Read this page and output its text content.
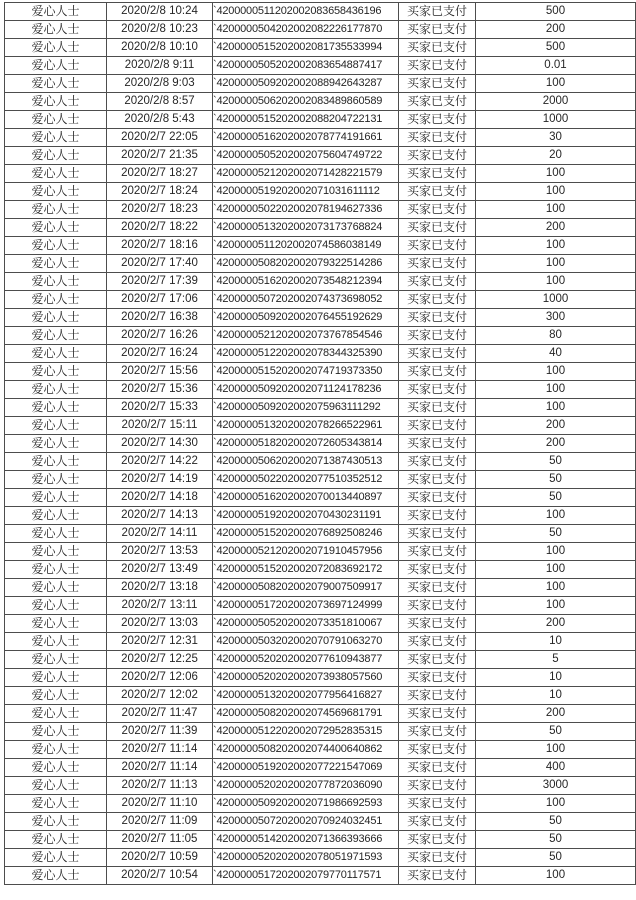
爱心人士	2020/2/8 10:24	`4200000511202002083658436196	买家已支付	500
爱心人士	2020/2/8 10:23	`4200000504202002082226177870	买家已支付	200
爱心人士	2020/2/8 10:10	`4200000515202002081735533994	买家已支付	500
爱心人士	2020/2/8 9:11	`4200000505202002083654887417	买家已支付	0.01
爱心人士	2020/2/8 9:03	`4200000509202002088942643287	买家已支付	100
爱心人士	2020/2/8 8:57	`4200000506202002083489860589	买家已支付	2000
爱心人士	2020/2/8 5:43	`4200000515202002088204722131	买家已支付	1000
爱心人士	2020/2/7 22:05	`4200000516202002078774191661	买家已支付	30
爱心人士	2020/2/7 21:35	`4200000505202002075604749722	买家已支付	20
爱心人士	2020/2/7 18:27	`4200000521202002071428221579	买家已支付	100
爱心人士	2020/2/7 18:24	`4200000519202002071031611112	买家已支付	100
爱心人士	2020/2/7 18:23	`4200000502202002078194627336	买家已支付	100
爱心人士	2020/2/7 18:22	`4200000513202002073173768824	买家已支付	200
爱心人士	2020/2/7 18:16	`4200000511202002074586038149	买家已支付	100
爱心人士	2020/2/7 17:40	`4200000508202002079322514286	买家已支付	100
爱心人士	2020/2/7 17:39	`4200000516202002073548212394	买家已支付	100
爱心人士	2020/2/7 17:06	`4200000507202002074373698052	买家已支付	1000
爱心人士	2020/2/7 16:38	`4200000509202002076455192629	买家已支付	300
爱心人士	2020/2/7 16:26	`4200000521202002073767854546	买家已支付	80
爱心人士	2020/2/7 16:24	`4200000512202002078344325390	买家已支付	40
爱心人士	2020/2/7 15:56	`4200000515202002074719373350	买家已支付	100
爱心人士	2020/2/7 15:36	`4200000509202002071124178236	买家已支付	100
爱心人士	2020/2/7 15:33	`4200000509202002075963111292	买家已支付	100
爱心人士	2020/2/7 15:11	`4200000513202002078266522961	买家已支付	200
爱心人士	2020/2/7 14:30	`4200000518202002072605343814	买家已支付	200
爱心人士	2020/2/7 14:22	`4200000506202002071387430513	买家已支付	50
爱心人士	2020/2/7 14:19	`4200000502202002077510352512	买家已支付	50
爱心人士	2020/2/7 14:18	`4200000516202002070013440897	买家已支付	50
爱心人士	2020/2/7 14:13	`4200000519202002070430231191	买家已支付	100
爱心人士	2020/2/7 14:11	`4200000515202002076892508246	买家已支付	50
爱心人士	2020/2/7 13:53	`4200000521202002071910457956	买家已支付	100
爱心人士	2020/2/7 13:49	`4200000515202002072083692172	买家已支付	100
爱心人士	2020/2/7 13:18	`4200000508202002079007509917	买家已支付	100
爱心人士	2020/2/7 13:11	`4200000517202002073697124999	买家已支付	100
爱心人士	2020/2/7 13:03	`4200000505202002073351810067	买家已支付	200
爱心人士	2020/2/7 12:31	`4200000503202002070791063270	买家已支付	10
爱心人士	2020/2/7 12:25	`4200000520202002077610943877	买家已支付	5
爱心人士	2020/2/7 12:06	`4200000520202002073938057560	买家已支付	10
爱心人士	2020/2/7 12:02	`4200000513202002077956416827	买家已支付	10
爱心人士	2020/2/7 11:47	`4200000508202002074569681791	买家已支付	200
爱心人士	2020/2/7 11:39	`4200000512202002072952835315	买家已支付	50
爱心人士	2020/2/7 11:14	`4200000508202002074400640862	买家已支付	100
爱心人士	2020/2/7 11:14	`4200000519202002077221547069	买家已支付	400
爱心人士	2020/2/7 11:13	`4200000520202002077872036090	买家已支付	3000
爱心人士	2020/2/7 11:10	`4200000509202002071986692593	买家已支付	100
爱心人士	2020/2/7 11:09	`4200000507202002070924032451	买家已支付	50
爱心人士	2020/2/7 11:05	`4200000514202002071366393666	买家已支付	50
爱心人士	2020/2/7 10:59	`4200000520202002078051971593	买家已支付	50
爱心人士	2020/2/7 10:54	`4200000517202002079770117571	买家已支付	100
